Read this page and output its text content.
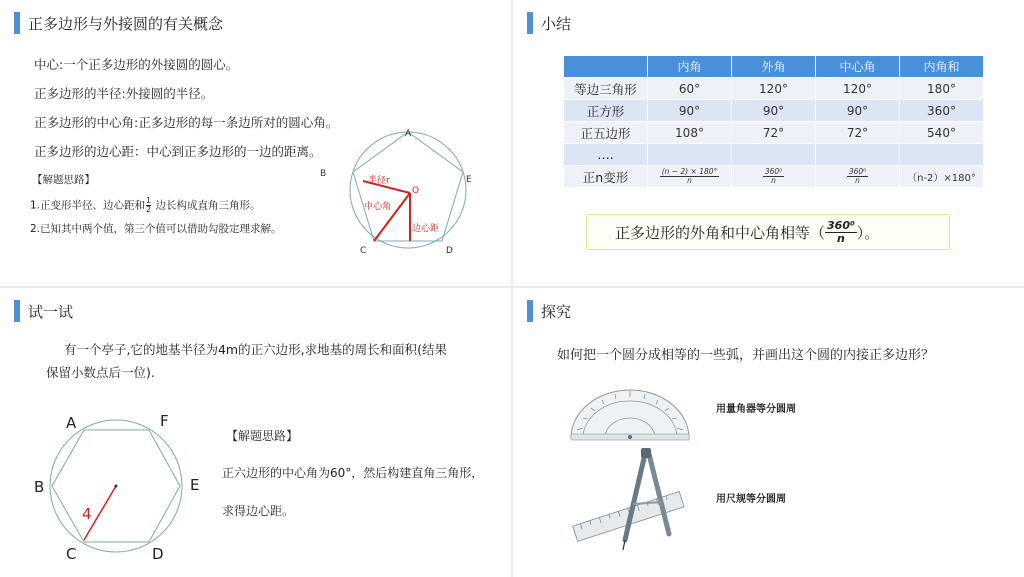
正多边形与外接圆的有关概念
中心:一个正多边形的外接圆的圆心。
正多边形的半径:外接圆的半径。
正多边形的中心角:正多边形的每一条边所对的圆心角。
正多边形的边心距：中心到正多边形的一边的距离。
【解题思路】
1.正变形半径、边心距和 $\frac{1}{2}$ 边长构成直角三角形。
2.已知其中两个值，第三个值可以借助勾股定理求解。
A
B
C	D
E
O
半径r
中心角
边心距
小结
	内角	外角	中心角	内角和
等边三角形	60°	120°	120°	180°
正方形	90°	90°	90°	360°
正五边形	108°	72°	72°	540°
….				
正n变形	$\frac{(n - 2) \times 180^\circ}{n}$	$\frac{\text{360⁰}}{n}$	$\frac{\text{360⁰}}{n}$	（n-2）×180°
正多边形的外角和中心角相等（ $\frac{\text{360⁰}}{n}$ ）。
试一试
有一个亭子,它的地基半径为4m的正六边形,求地基的周长和面积(结果
保留小数点后一位).
A	F
B	E
C	D
4
【解题思路】
正六边形的中心角为60°，然后构建直角三角形，
求得边心距。
探究
如何把一个圆分成相等的一些弧，并画出这个圆的内接正多边形？
用量角器等分圆周
用尺规等分圆周
